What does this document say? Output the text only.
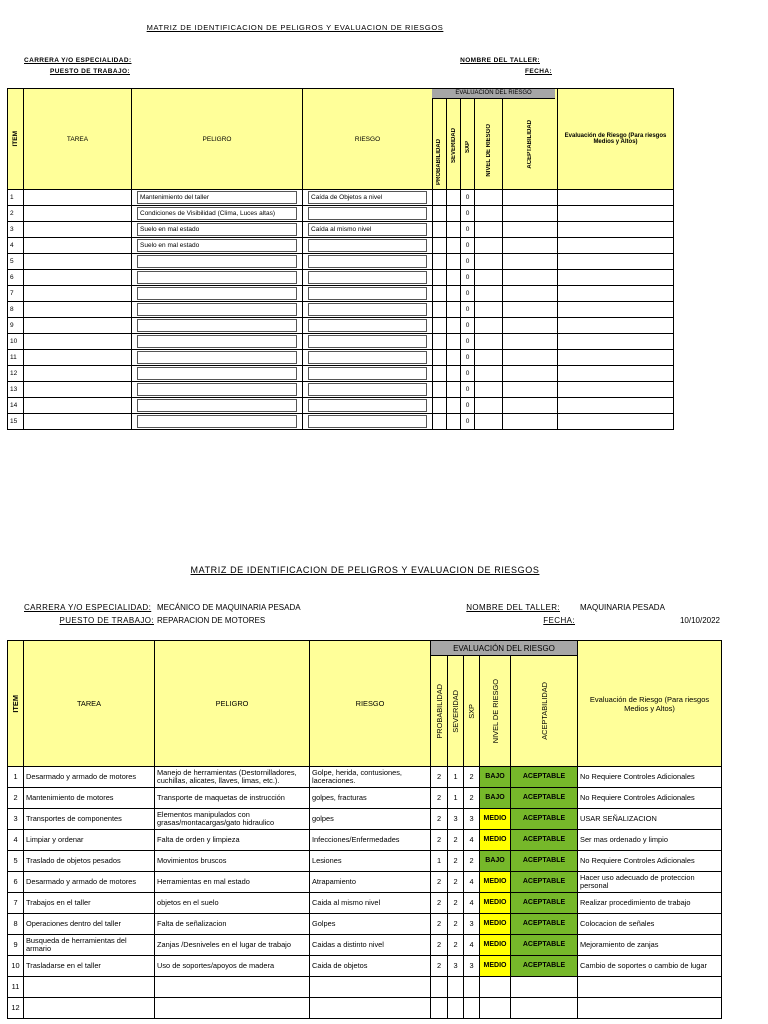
MATRIZ DE IDENTIFICACION DE PELIGROS Y EVALUACION DE RIESGOS
CARRERA Y/O ESPECIALIDAD:
PUESTO DE TRABAJO:
NOMBRE DEL TALLER:
FECHA:
ITEM	TAREA	PELIGRO	RIESGO	EVALUACIÓN DEL RIESGO
PROBABILIDAD	SEVERIDAD	SXP	NIVEL DE RIESGO	ACEPTABILIDAD	Evaluación de Riesgo (Para riesgos Medios y Altos)
1		Mantenimiento del taller	Caída de Objetos a nivel			0			
2		Condiciones de Visibilidad (Clima, Luces altas)				0			
3		Suelo en mal estado	Caída al mismo nivel			0			
4		Suelo en mal estado				0			
5						0			
6						0			
7						0			
8						0			
9						0			
10						0			
11						0			
12						0			
13						0			
14						0			
15						0			
MATRIZ DE IDENTIFICACION DE PELIGROS Y EVALUACION DE RIESGOS
CARRERA Y/O ESPECIALIDAD: MECÁNICO DE MAQUINARIA PESADA
PUESTO DE TRABAJO: REPARACION DE MOTORES
NOMBRE DEL TALLER:	MAQUINARIA PESADA
FECHA:	10/10/2022
ITEM	TAREA	PELIGRO	RIESGO	EVALUACIÓN DEL RIESGO					Evaluación de Riesgo (Para riesgos Medios y Altos)

				PROBABILIDAD	SEVERIDAD	SXP	NIVEL DE RIESGO	ACEPTABILIDAD	

1	Desarmado y armado de motores	Manejo de herramientas (Destornilladores, cuchillas, alicates, llaves, limas, etc.).	Golpe, herida, contusiones, laceraciones.	2	1	2	BAJO	ACEPTABLE	No Requiere Controles Adicionales
2	Mantenimiento de motores	Transporte de maquetas de instrucción	golpes, fracturas	2	1	2	BAJO	ACEPTABLE	No Requiere Controles Adicionales
3	Transportes de componentes	Elementos manipulados con grasas/montacargas/gato hidraulico	golpes	2	3	3	MEDIO	ACEPTABLE	USAR SEÑALIZACION
4	Limpiar y ordenar	Falta de orden y limpieza	Infecciones/Enfermedades	2	2	4	MEDIO	ACEPTABLE	Ser mas ordenado y limpio
5	Traslado de objetos pesados	Movimientos bruscos	Lesiones	1	2	2	BAJO	ACEPTABLE	No Requiere Controles Adicionales
6	Desarmado y armado de motores	Herramientas en mal estado	Atrapamiento	2	2	4	MEDIO	ACEPTABLE	Hacer uso adecuado de proteccion personal
7	Trabajos en el taller	objetos en el suelo	Caida al mismo nivel	2	2	4	MEDIO	ACEPTABLE	Realizar procedimiento de trabajo
8	Operaciones dentro del taller	Falta de señalizacion	Golpes	2	2	3	MEDIO	ACEPTABLE	Colocacion de señales
9	Busqueda de herramientas del armario	Zanjas /Desniveles en el lugar de trabajo	Caidas a distinto nivel	2	2	4	MEDIO	ACEPTABLE	Mejoramiento de zanjas
10	Trasladarse en el taller	Uso de soportes/apoyos de madera	Caida de objetos	2	3	3	MEDIO	ACEPTABLE	Cambio de soportes o cambio de lugar
11									
12									
